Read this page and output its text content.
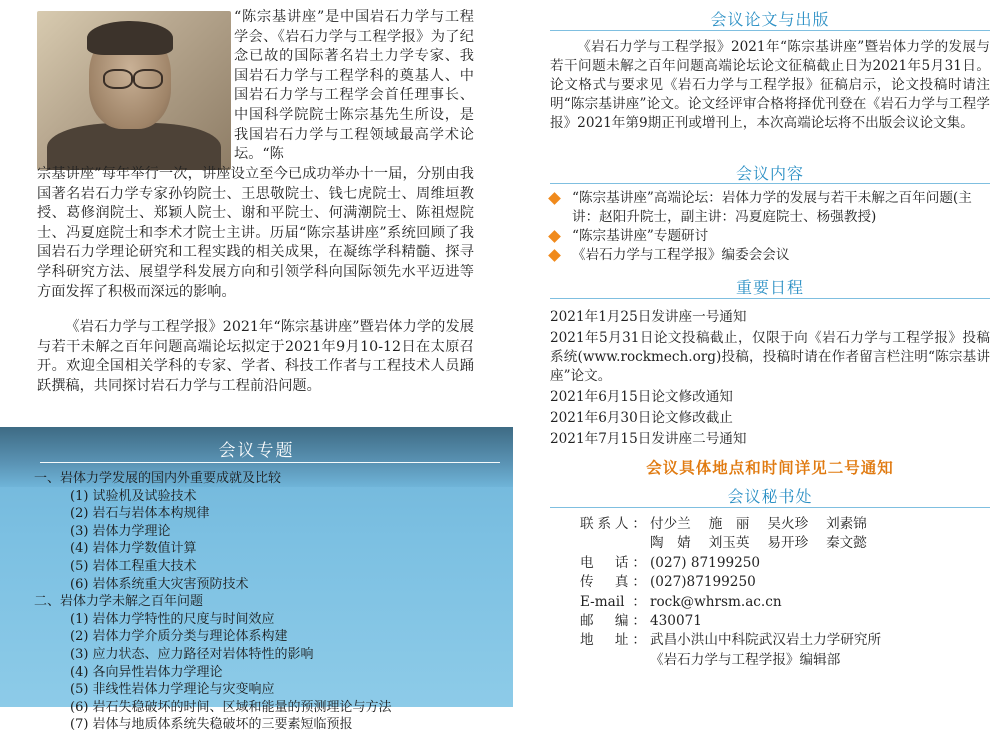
“陈宗基讲座”是中国岩石力学与工程学会、《岩石力学与工程学报》为了纪念已故的国际著名岩土力学专家、我国岩石力学与工程学科的奠基人、中国岩石力学与工程学会首任理事长、中国科学院院士陈宗基先生所设，是我国岩石力学与工程领域最高学术论坛。“陈

宗基讲座”每年举行一次，讲座设立至今已成功举办十一届，分别由我国著名岩石力学专家孙钧院士、王思敬院士、钱七虎院士、周维垣教授、葛修润院士、郑颖人院士、谢和平院士、何满潮院士、陈祖煜院士、冯夏庭院士和李术才院士主讲。历届“陈宗基讲座”系统回顾了我国岩石力学理论研究和工程实践的相关成果，在凝练学科精髓、探寻学科研究方法、展望学科发展方向和引领学科向国际领先水平迈进等方面发挥了积极而深远的影响。

《岩石力学与工程学报》2021年“陈宗基讲座”暨岩体力学的发展与若干未解之百年问题高端论坛拟定于2021年9月10-12日在太原召开。欢迎全国相关学科的专家、学者、科技工作者与工程技术人员踊跃撰稿，共同探讨岩石力学与工程前沿问题。

会议专题
一、岩体力学发展的国内外重要成就及比较
(1) 试验机及试验技术
(2) 岩石与岩体本构规律
(3) 岩体力学理论
(4) 岩体力学数值计算
(5) 岩体工程重大技术
(6) 岩体系统重大灾害预防技术
二、岩体力学未解之百年问题
(1) 岩体力学特性的尺度与时间效应
(2) 岩体力学介质分类与理论体系构建
(3) 应力状态、应力路径对岩体特性的影响
(4) 各向异性岩体力学理论
(5) 非线性岩体力学理论与灾变响应
(6) 岩石失稳破坏的时间、区域和能量的预测理论与方法
(7) 岩体与地质体系统失稳破坏的三要素短临预报
会议论文与出版

《岩石力学与工程学报》2021年“陈宗基讲座”暨岩体力学的发展与若干问题未解之百年问题高端论坛论文征稿截止日为2021年5月31日。论文格式与要求见《岩石力学与工程学报》征稿启示，论文投稿时请注明“陈宗基讲座”论文。论文经评审合格将择优刊登在《岩石力学与工程学报》2021年第9期正刊或增刊上，本次高端论坛将不出版会议论文集。

会议内容
“陈宗基讲座”高端论坛：岩体力学的发展与若干未解之百年问题(主讲：赵阳升院士，副主讲：冯夏庭院士、杨强教授)
“陈宗基讲座”专题研讨
《岩石力学与工程学报》编委会会议
重要日程
2021年1月25日发讲座一号通知
2021年5月31日论文投稿截止，仅限于向《岩石力学与工程学报》投稿系统(www.rockmech.org)投稿，投稿时请在作者留言栏注明“陈宗基讲座”论文。
2021年6月15日论文修改通知
2021年6月30日论文修改截止
2021年7月15日发讲座二号通知
会议具体地点和时间详见二号通知
会议秘书处
联系人： 付少兰　 施　丽　 吴火珍　 刘素锦
陶　婧　 刘玉英　 易开珍　 秦文懿
电　话： (027) 87199250
传　真： (027)87199250
E-mail： rock@whrsm.ac.cn
邮　编： 430071
地　址： 武昌小洪山中科院武汉岩土力学研究所
《岩石力学与工程学报》编辑部
